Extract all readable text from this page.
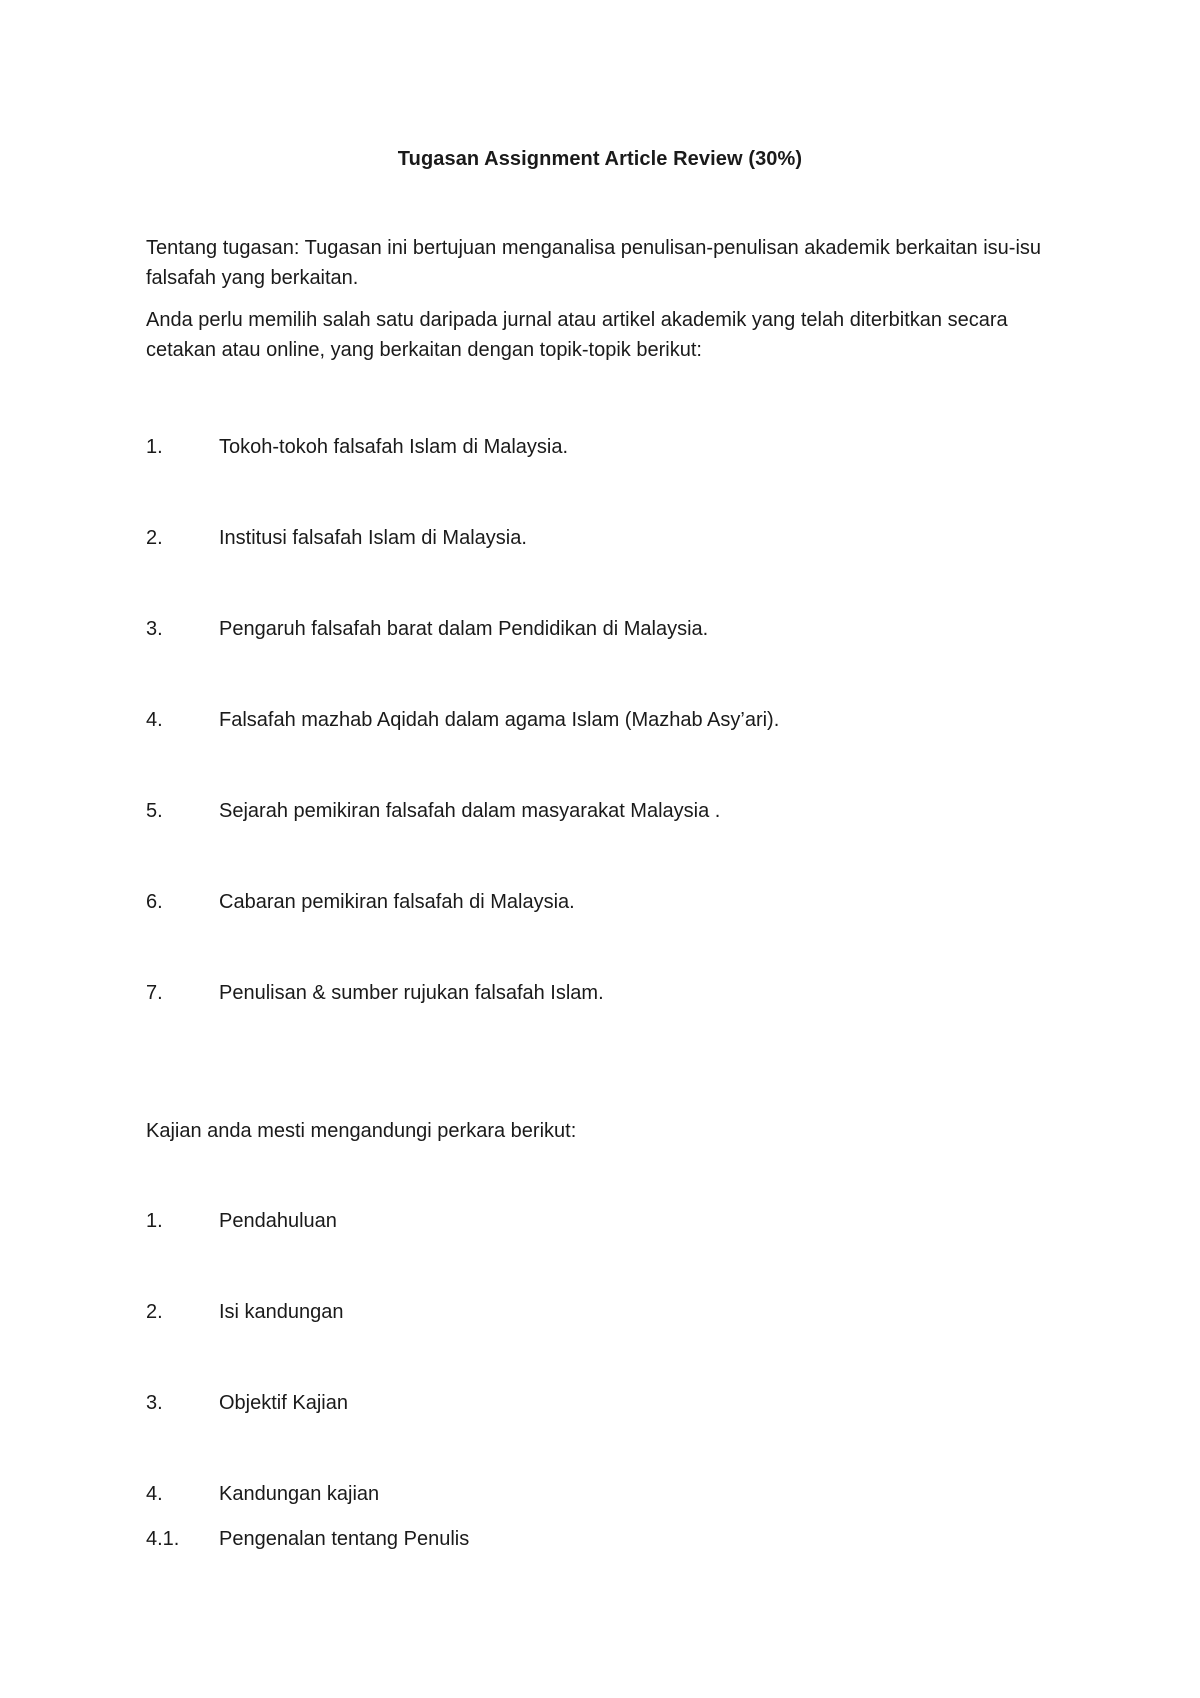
Tugasan Assignment Article Review (30%)
Tentang tugasan: Tugasan ini bertujuan menganalisa penulisan-penulisan akademik berkaitan isu-isu falsafah yang berkaitan.
Anda perlu memilih salah satu daripada jurnal atau artikel akademik yang telah diterbitkan secara cetakan atau online, yang berkaitan dengan topik-topik berikut:
1.	Tokoh-tokoh falsafah Islam di Malaysia.
2.	Institusi falsafah Islam di Malaysia.
3.	Pengaruh falsafah barat dalam Pendidikan di Malaysia.
4.	Falsafah mazhab Aqidah dalam agama Islam (Mazhab Asy’ari).
5.	Sejarah pemikiran falsafah dalam masyarakat Malaysia .
6.	Cabaran pemikiran falsafah di Malaysia.
7.	Penulisan & sumber rujukan falsafah Islam.
Kajian anda mesti mengandungi perkara berikut:
1.	Pendahuluan
2.	Isi kandungan
3.	Objektif Kajian
4.	Kandungan kajian
4.1. Pengenalan tentang Penulis
